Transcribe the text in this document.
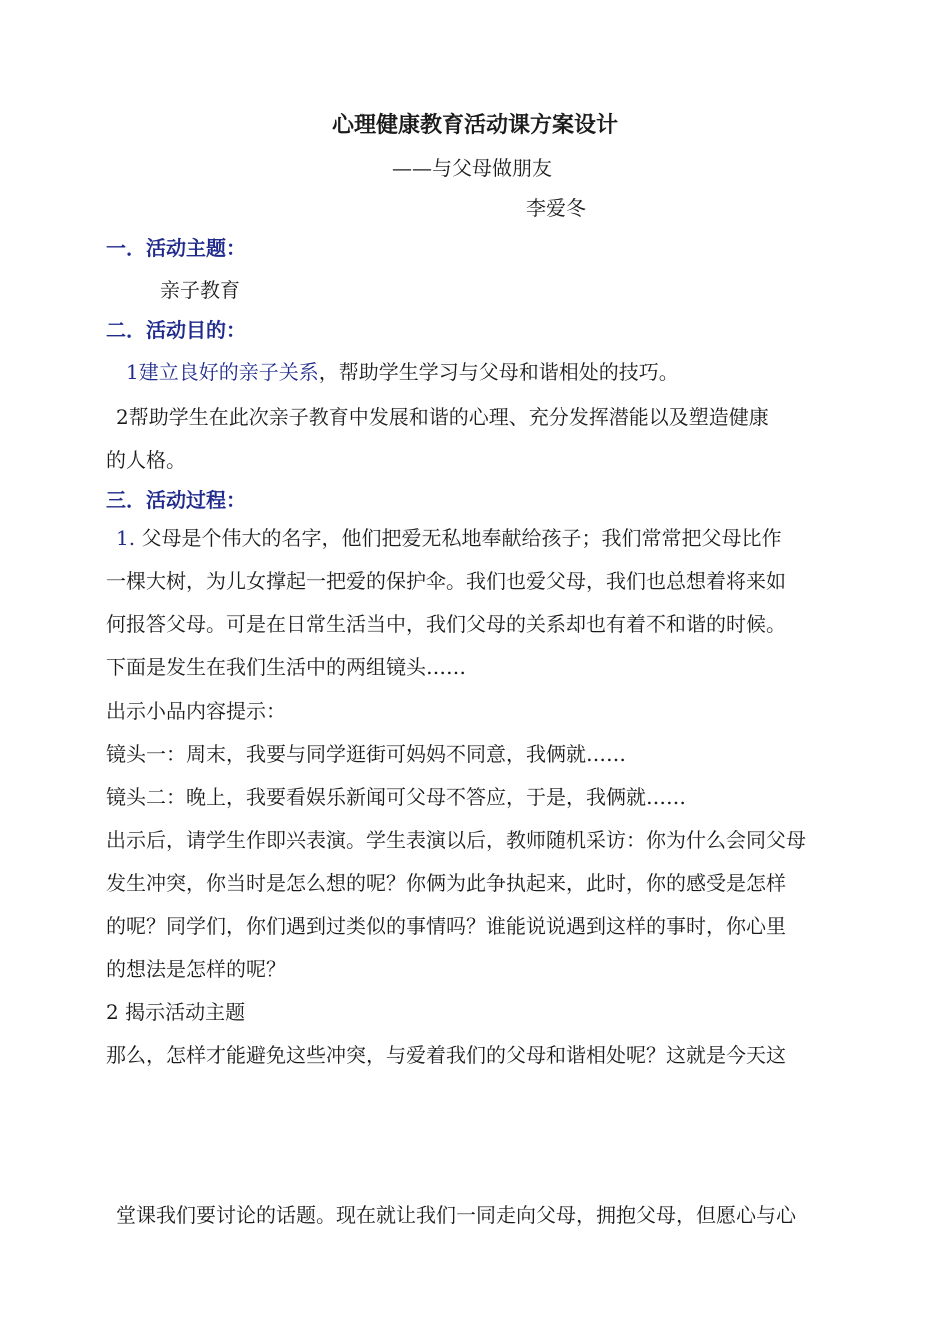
心理健康教育活动课方案设计
——与父母做朋友
李爱冬
一．活动主题：
亲子教育
二．活动目的：
1建立良好的亲子关系，帮助学生学习与父母和谐相处的技巧。
2帮助学生在此次亲子教育中发展和谐的心理、充分发挥潜能以及塑造健康
的人格。
三．活动过程：
1. 父母是个伟大的名字，他们把爱无私地奉献给孩子；我们常常把父母比作
一棵大树，为儿女撑起一把爱的保护伞。我们也爱父母，我们也总想着将来如
何报答父母。可是在日常生活当中，我们父母的关系却也有着不和谐的时候。
下面是发生在我们生活中的两组镜头……
出示小品内容提示：
镜头一：周末，我要与同学逛街可妈妈不同意，我俩就……
镜头二：晚上，我要看娱乐新闻可父母不答应，于是，我俩就……
出示后，请学生作即兴表演。学生表演以后，教师随机采访：你为什么会同父母
发生冲突，你当时是怎么想的呢？你俩为此争执起来，此时，你的感受是怎样
的呢？同学们，你们遇到过类似的事情吗？谁能说说遇到这样的事时，你心里
的想法是怎样的呢？
2 揭示活动主题
那么，怎样才能避免这些冲突，与爱着我们的父母和谐相处呢？这就是今天这
堂课我们要讨论的话题。现在就让我们一同走向父母，拥抱父母，但愿心与心
